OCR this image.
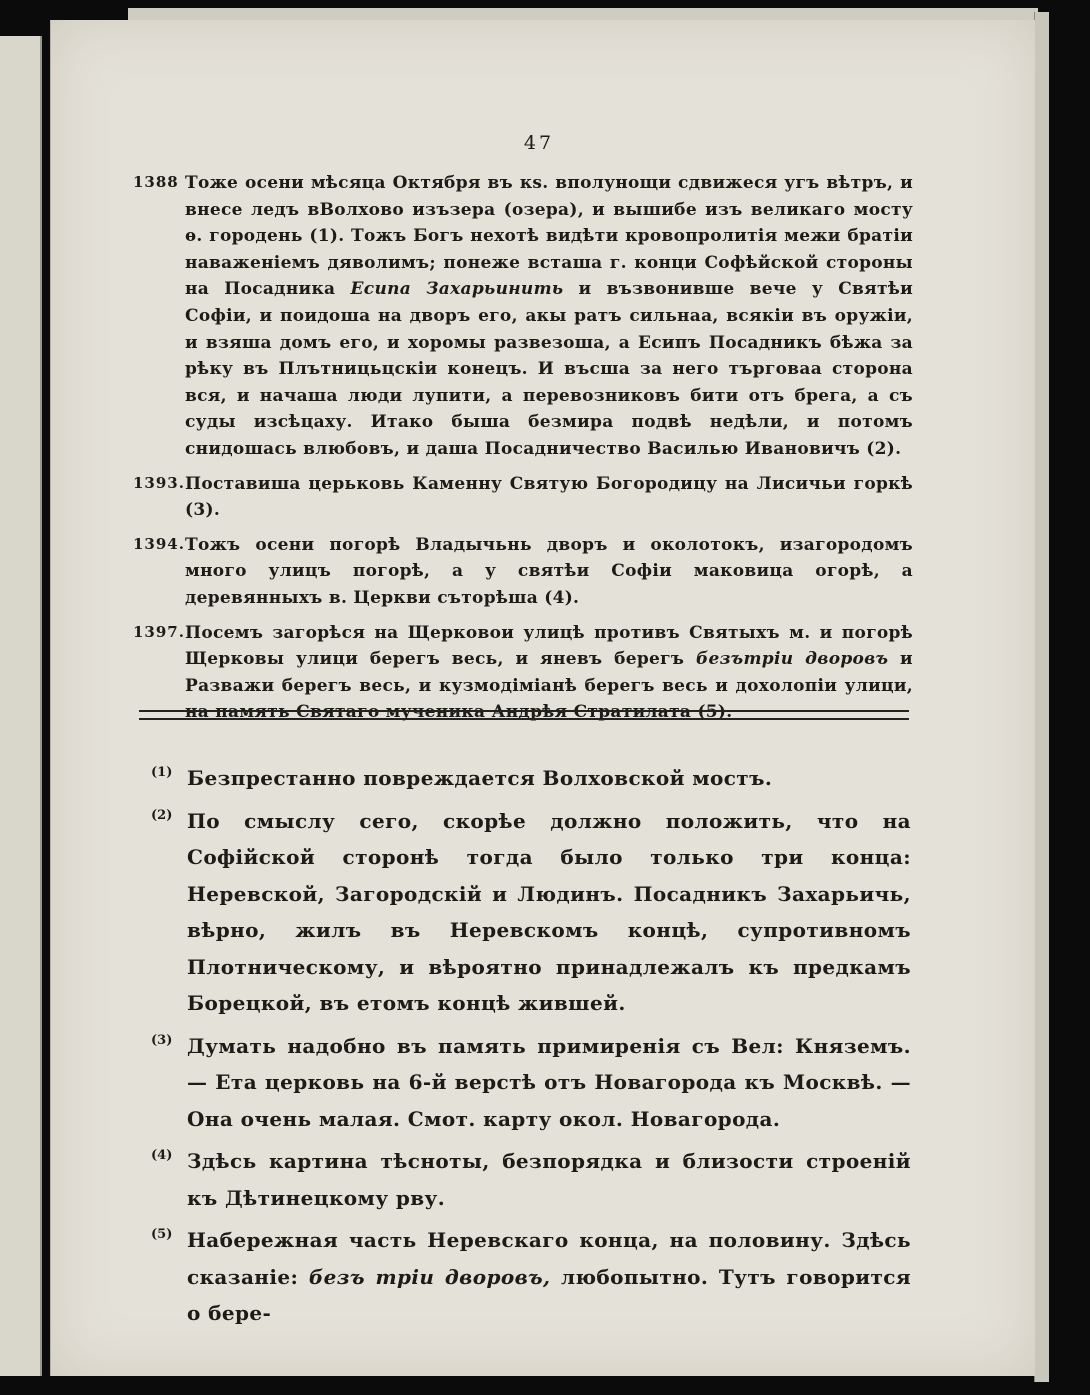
47
1388 Тоже осени мѣсяца Октября въ кs. вполунощи сдвижеся угъ вѣтръ, и внесе ледъ вВолхово изъзера (озера), и вышибе изъ великаго мосту ѳ. городень (1). Тожъ Богъ нехотѣ видѣти кровопролитія межи братiи наваженіемъ дяволимъ; понеже всташа г. конци Софѣйской стороны на Посадника Есипа Захарьинить и възвонивше вече у Святѣи Софіи, и поидоша на дворъ его, акы ратъ сильнаа, всякіи въ оружіи, и взяша домъ его, и хоромы развезоша, а Есипъ Посадникъ бѣжа за рѣку въ Плътницьцскіи конецъ. И въсша за него търговаа сторона вся, и начаша люди лупити, а перевозниковъ бити отъ брега, а съ суды изсѣцаху. Итако быша безмира подвѣ недѣли, и потомъ снидошась влюбовъ, и даша Посадничество Василью Ивановичъ (2).
1393. Поставиша церьковь Каменну Святую Богородицу на Лисичьи горкѣ (3).
1394. Тожъ осени погорѣ Владычьнь дворъ и околотокъ, изагородомъ много улицъ погорѣ, а у святѣи Софіи маковица огорѣ, а деревянныхъ в. Церкви съторѣша (4).
1397. Посемъ загорѣся на Щерковои улицѣ противъ Святыхъ м. и погорѣ Щерковы улици берегъ весь, и яневъ берегъ безътріи дворовъ и Развaжи берегъ весь, и кузмодіміанѣ берегъ весь и дохолопіи улици, на память Святаго мученика Андрѣя Стратилата (5).
(1) Безпрестанно повреждается Волховской мостъ.
(2) По смыслу сего, скорѣе должно положить, что на Софійской сторонѣ тогда было только три конца: Неревской, Загородскій и Людинъ. Посадникъ Захарьичь, вѣрно, жилъ въ Неревскомъ концѣ, супротивномъ Плотническому, и вѣроятно принадлежалъ къ предкамъ Борецкой, въ етомъ концѣ жившей.
(3) Думать надобно въ память примиренія съ Вел: Княземъ. — Ета церковь на 6-й верстѣ отъ Новагорода къ Москвѣ. — Она очень малая. Смот. карту окол. Новагорода.
(4) Здѣсь картина тѣсноты, безпорядка и близости строеній къ Дѣтинецкому рву.
(5) Набережная часть Неревскаго конца, на половину. Здѣсь сказаніе: безъ тріи дворовъ, любопытно. Тутъ говорится о бере-
